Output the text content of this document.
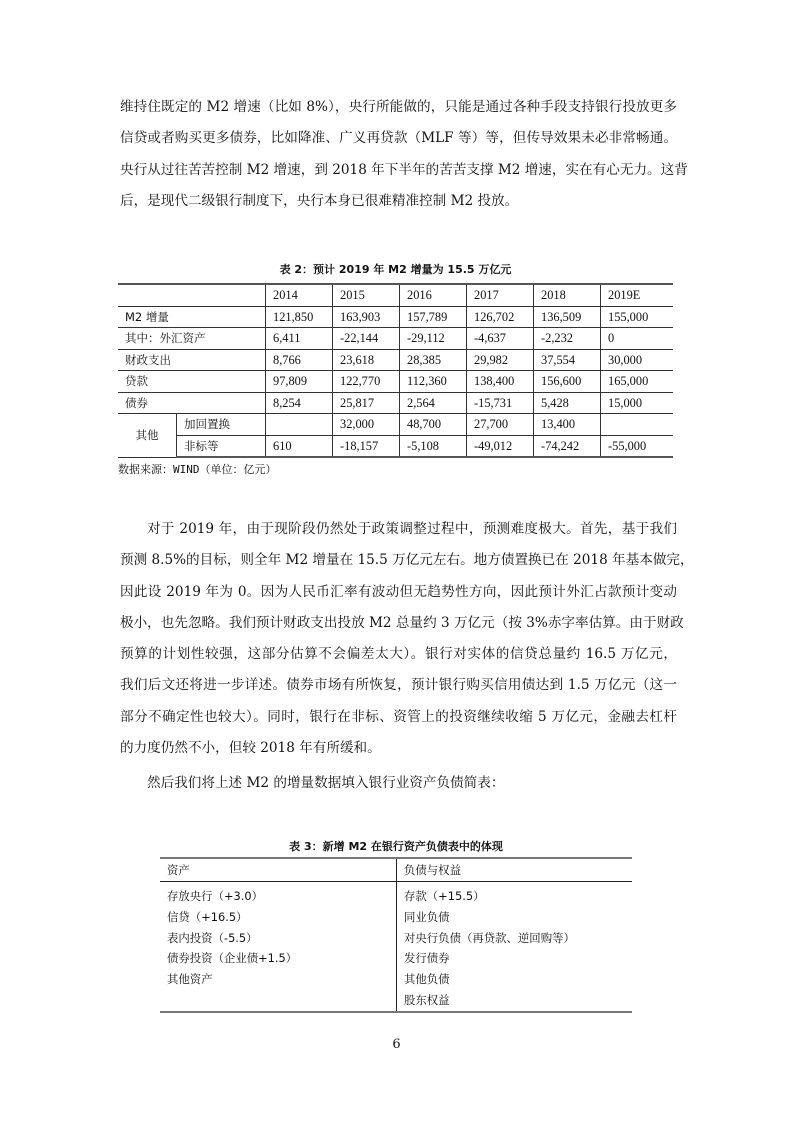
维持住既定的 M2 增速（比如 8%），央行所能做的，只能是通过各种手段支持银行投放更多
信贷或者购买更多债券，比如降准、广义再贷款（MLF 等）等，但传导效果未必非常畅通。
央行从过往苦苦控制 M2 增速，到 2018 年下半年的苦苦支撑 M2 增速，实在有心无力。这背
后，是现代二级银行制度下，央行本身已很难精准控制 M2 投放。
表 2：预计 2019 年 M2 增量为 15.5 万亿元
		2014	2015	2016	2017	2018	2019E
M2 增量		121,850	163,903	157,789	126,702	136,509	155,000
其中：外汇资产		6,411	-22,144	-29,112	-4,637	-2,232	0
财政支出		8,766	23,618	28,385	29,982	37,554	30,000
贷款		97,809	122,770	112,360	138,400	156,600	165,000
债券		8,254	25,817	2,564	-15,731	5,428	15,000
其他	加回置换		32,000	48,700	27,700	13,400	
	非标等	610	-18,157	-5,108	-49,012	-74,242	-55,000
数据来源：WIND（单位：亿元）
对于 2019 年，由于现阶段仍然处于政策调整过程中，预测难度极大。首先，基于我们
预测 8.5%的目标，则全年 M2 增量在 15.5 万亿元左右。地方债置换已在 2018 年基本做完，
因此设 2019 年为 0。因为人民币汇率有波动但无趋势性方向，因此预计外汇占款预计变动
极小，也先忽略。我们预计财政支出投放 M2 总量约 3 万亿元（按 3%赤字率估算。由于财政
预算的计划性较强，这部分估算不会偏差太大）。银行对实体的信贷总量约 16.5 万亿元，
我们后文还将进一步详述。债券市场有所恢复，预计银行购买信用债达到 1.5 万亿元（这一
部分不确定性也较大）。同时，银行在非标、资管上的投资继续收缩 5 万亿元，金融去杠杆
的力度仍然不小，但较 2018 年有所缓和。
然后我们将上述 M2 的增量数据填入银行业资产负债简表：
表 3：新增 M2 在银行资产负债表中的体现
资产	负债与权益
存放央行（+3.0）	存款（+15.5）
信贷（+16.5）	同业负债
表内投资（-5.5）	对央行负债（再贷款、逆回购等）
债券投资（企业债+1.5）	发行债券
其他资产	其他负债
	股东权益
6
